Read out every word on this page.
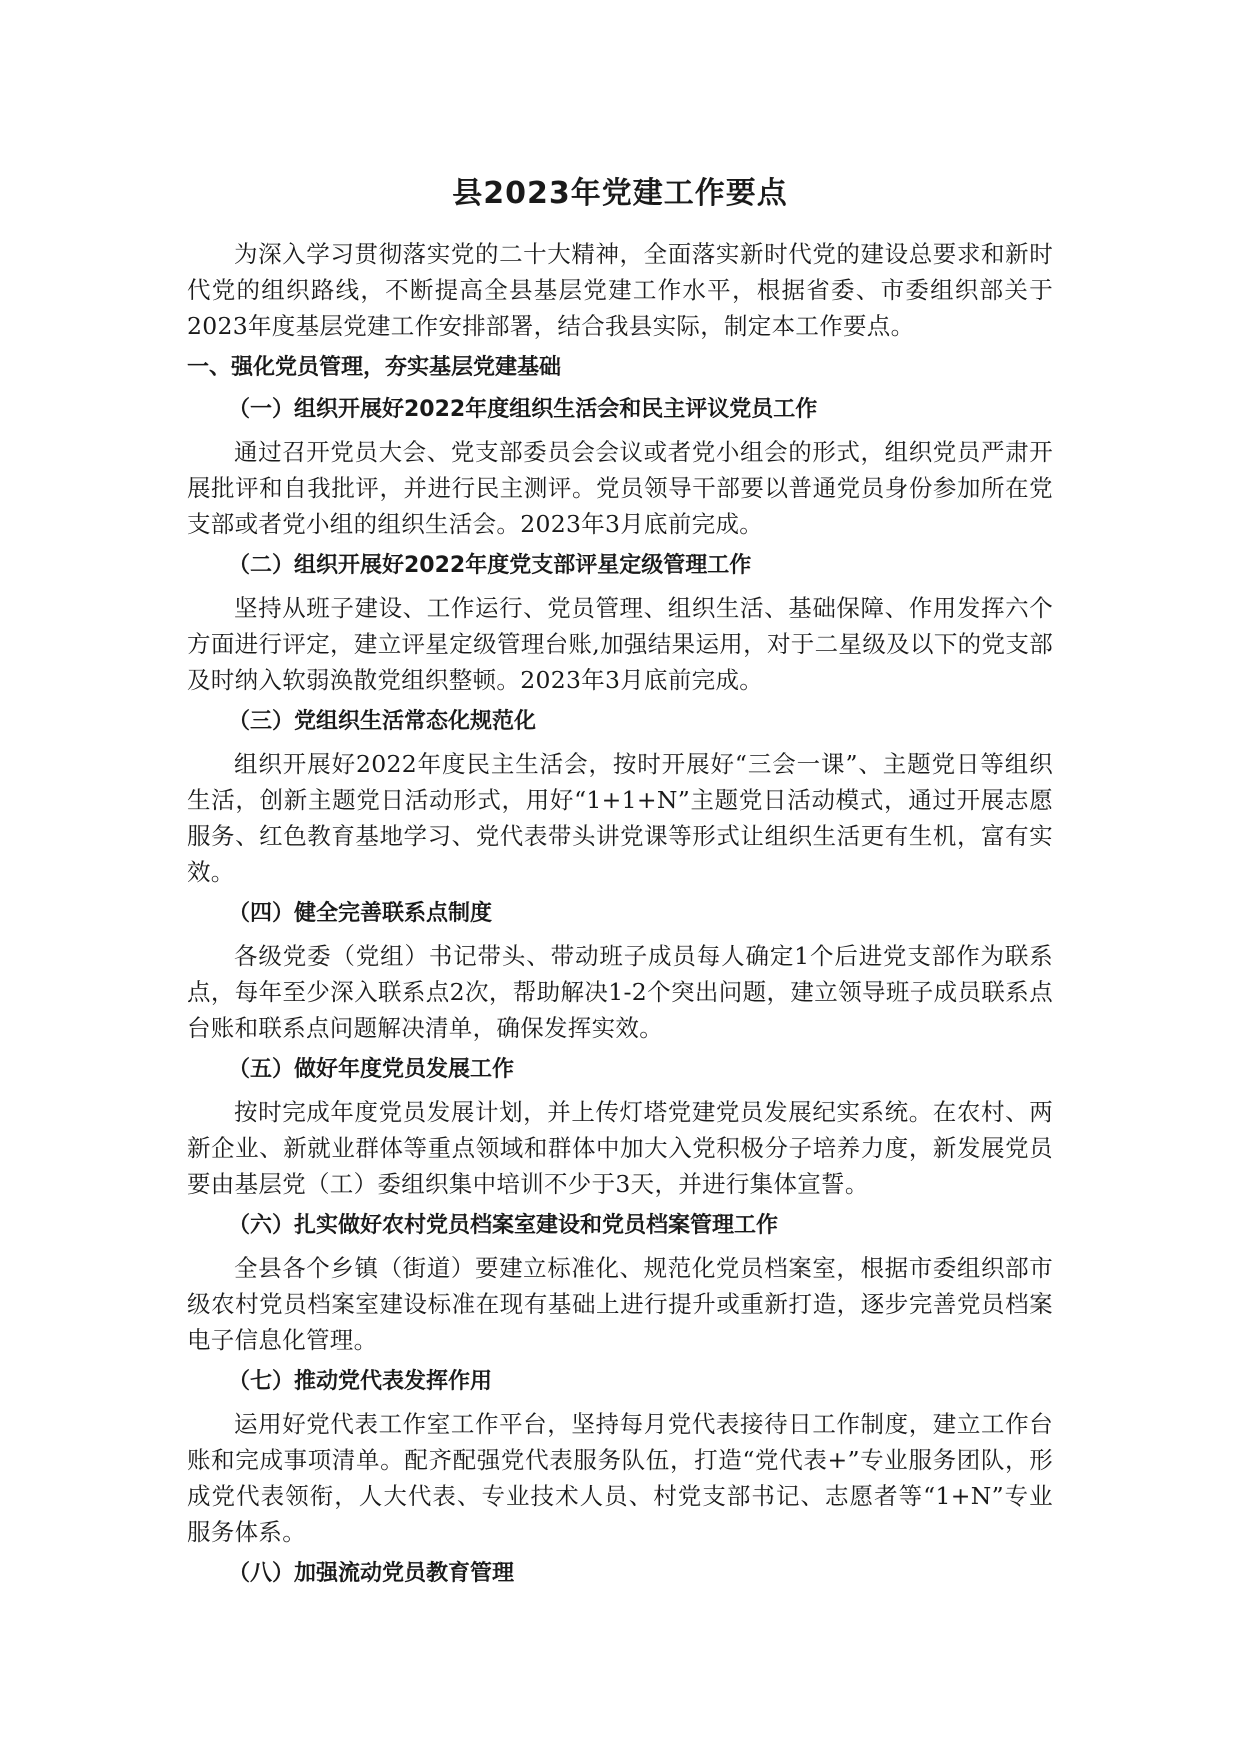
县2023年党建工作要点

为深入学习贯彻落实党的二十大精神，全面落实新时代党的建设总要求和新时代党的组织路线，不断提高全县基层党建工作水平，根据省委、市委组织部关于2023年度基层党建工作安排部署，结合我县实际，制定本工作要点。

一、强化党员管理，夯实基层党建基础
（一）组织开展好2022年度组织生活会和民主评议党员工作

通过召开党员大会、党支部委员会会议或者党小组会的形式，组织党员严肃开展批评和自我批评，并进行民主测评。党员领导干部要以普通党员身份参加所在党支部或者党小组的组织生活会。2023年3月底前完成。

（二）组织开展好2022年度党支部评星定级管理工作

坚持从班子建设、工作运行、党员管理、组织生活、基础保障、作用发挥六个方面进行评定，建立评星定级管理台账,加强结果运用，对于二星级及以下的党支部及时纳入软弱涣散党组织整顿。2023年3月底前完成。

（三）党组织生活常态化规范化

组织开展好2022年度民主生活会，按时开展好“三会一课”、主题党日等组织生活，创新主题党日活动形式，用好“1+1+N”主题党日活动模式，通过开展志愿服务、红色教育基地学习、党代表带头讲党课等形式让组织生活更有生机，富有实效。

（四）健全完善联系点制度

各级党委（党组）书记带头、带动班子成员每人确定1个后进党支部作为联系点，每年至少深入联系点2次，帮助解决1-2个突出问题，建立领导班子成员联系点台账和联系点问题解决清单，确保发挥实效。

（五）做好年度党员发展工作

按时完成年度党员发展计划，并上传灯塔党建党员发展纪实系统。在农村、两新企业、新就业群体等重点领域和群体中加大入党积极分子培养力度，新发展党员要由基层党（工）委组织集中培训不少于3天，并进行集体宣誓。

（六）扎实做好农村党员档案室建设和党员档案管理工作

全县各个乡镇（街道）要建立标准化、规范化党员档案室，根据市委组织部市级农村党员档案室建设标准在现有基础上进行提升或重新打造，逐步完善党员档案电子信息化管理。

（七）推动党代表发挥作用

运用好党代表工作室工作平台，坚持每月党代表接待日工作制度，建立工作台账和完成事项清单。配齐配强党代表服务队伍，打造“党代表+”专业服务团队，形成党代表领衔，人大代表、专业技术人员、村党支部书记、志愿者等“1+N”专业服务体系。

（八）加强流动党员教育管理
